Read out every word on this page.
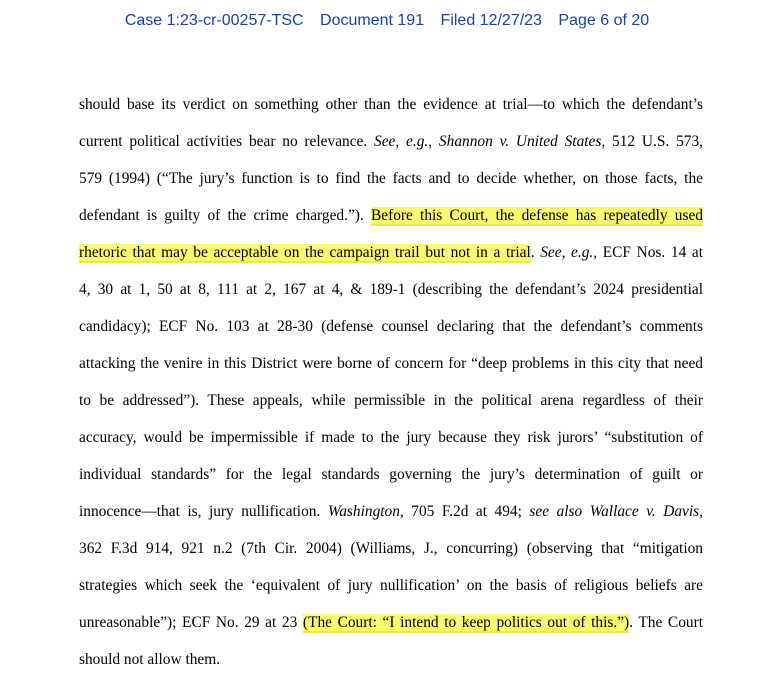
Case 1:23-cr-00257-TSC Document 191 Filed 12/27/23 Page 6 of 20
should base its verdict on something other than the evidence at trial—to which the defendant’s
current political activities bear no relevance. See, e.g., Shannon v. United States, 512 U.S. 573,
579 (1994) (“The jury’s function is to find the facts and to decide whether, on those facts, the
defendant is guilty of the crime charged.”). Before this Court, the defense has repeatedly used
rhetoric that may be acceptable on the campaign trail but not in a trial. See, e.g., ECF Nos. 14 at
4, 30 at 1, 50 at 8, 111 at 2, 167 at 4, & 189-1 (describing the defendant’s 2024 presidential
candidacy); ECF No. 103 at 28-30 (defense counsel declaring that the defendant’s comments
attacking the venire in this District were borne of concern for “deep problems in this city that need
to be addressed”). These appeals, while permissible in the political arena regardless of their
accuracy, would be impermissible if made to the jury because they risk jurors’ “substitution of
individual standards” for the legal standards governing the jury’s determination of guilt or
innocence—that is, jury nullification. Washington, 705 F.2d at 494; see also Wallace v. Davis,
362 F.3d 914, 921 n.2 (7th Cir. 2004) (Williams, J., concurring) (observing that “mitigation
strategies which seek the ‘equivalent of jury nullification’ on the basis of religious beliefs are
unreasonable”); ECF No. 29 at 23 (The Court: “I intend to keep politics out of this.”). The Court
should not allow them.
